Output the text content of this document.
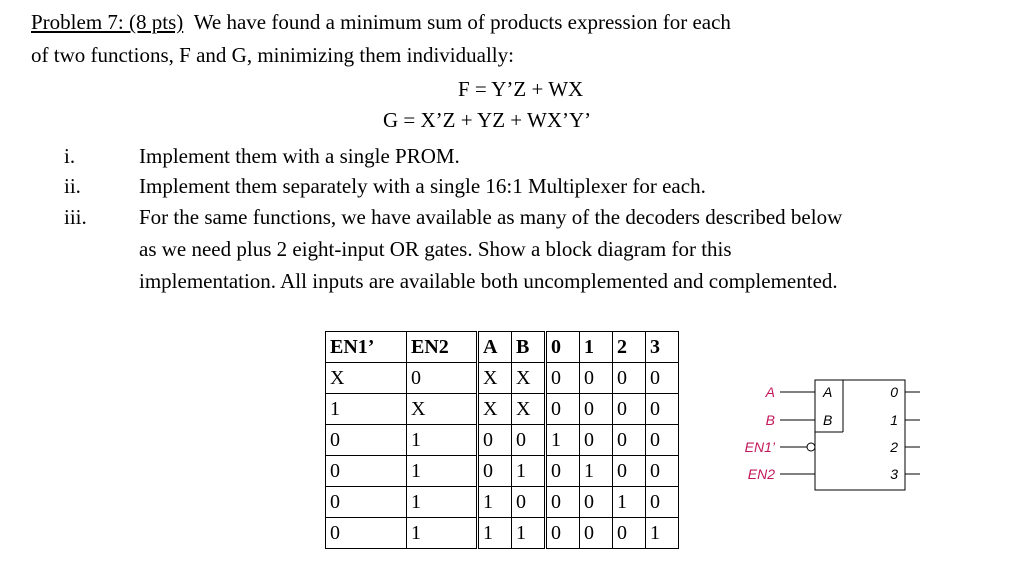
Problem 7: (8 pts) We have found a minimum sum of products expression for each
of two functions, F and G, minimizing them individually:
F = Y’Z + WX
G = X’Z + YZ + WX’Y’
i.	Implement them with a single PROM.
ii.	Implement them separately with a single 16:1 Multiplexer for each.
iii. For the same functions, we have available as many of the decoders described below
as we need plus 2 eight-input OR gates. Show a block diagram for this
implementation. All inputs are available both uncomplemented and complemented.
EN1’	EN2	A	B	0	1	2	3
X	0	X	X	0	0	0	0
1	X	X	X	0	0	0	0
0	1	0	0	1	0	0	0
0	1	0	1	0	1	0	0
0	1	1	0	0	0	1	0
0	1	1	1	0	0	0	1
A
B
EN1’
EN2
A
B
0
1
2
3
